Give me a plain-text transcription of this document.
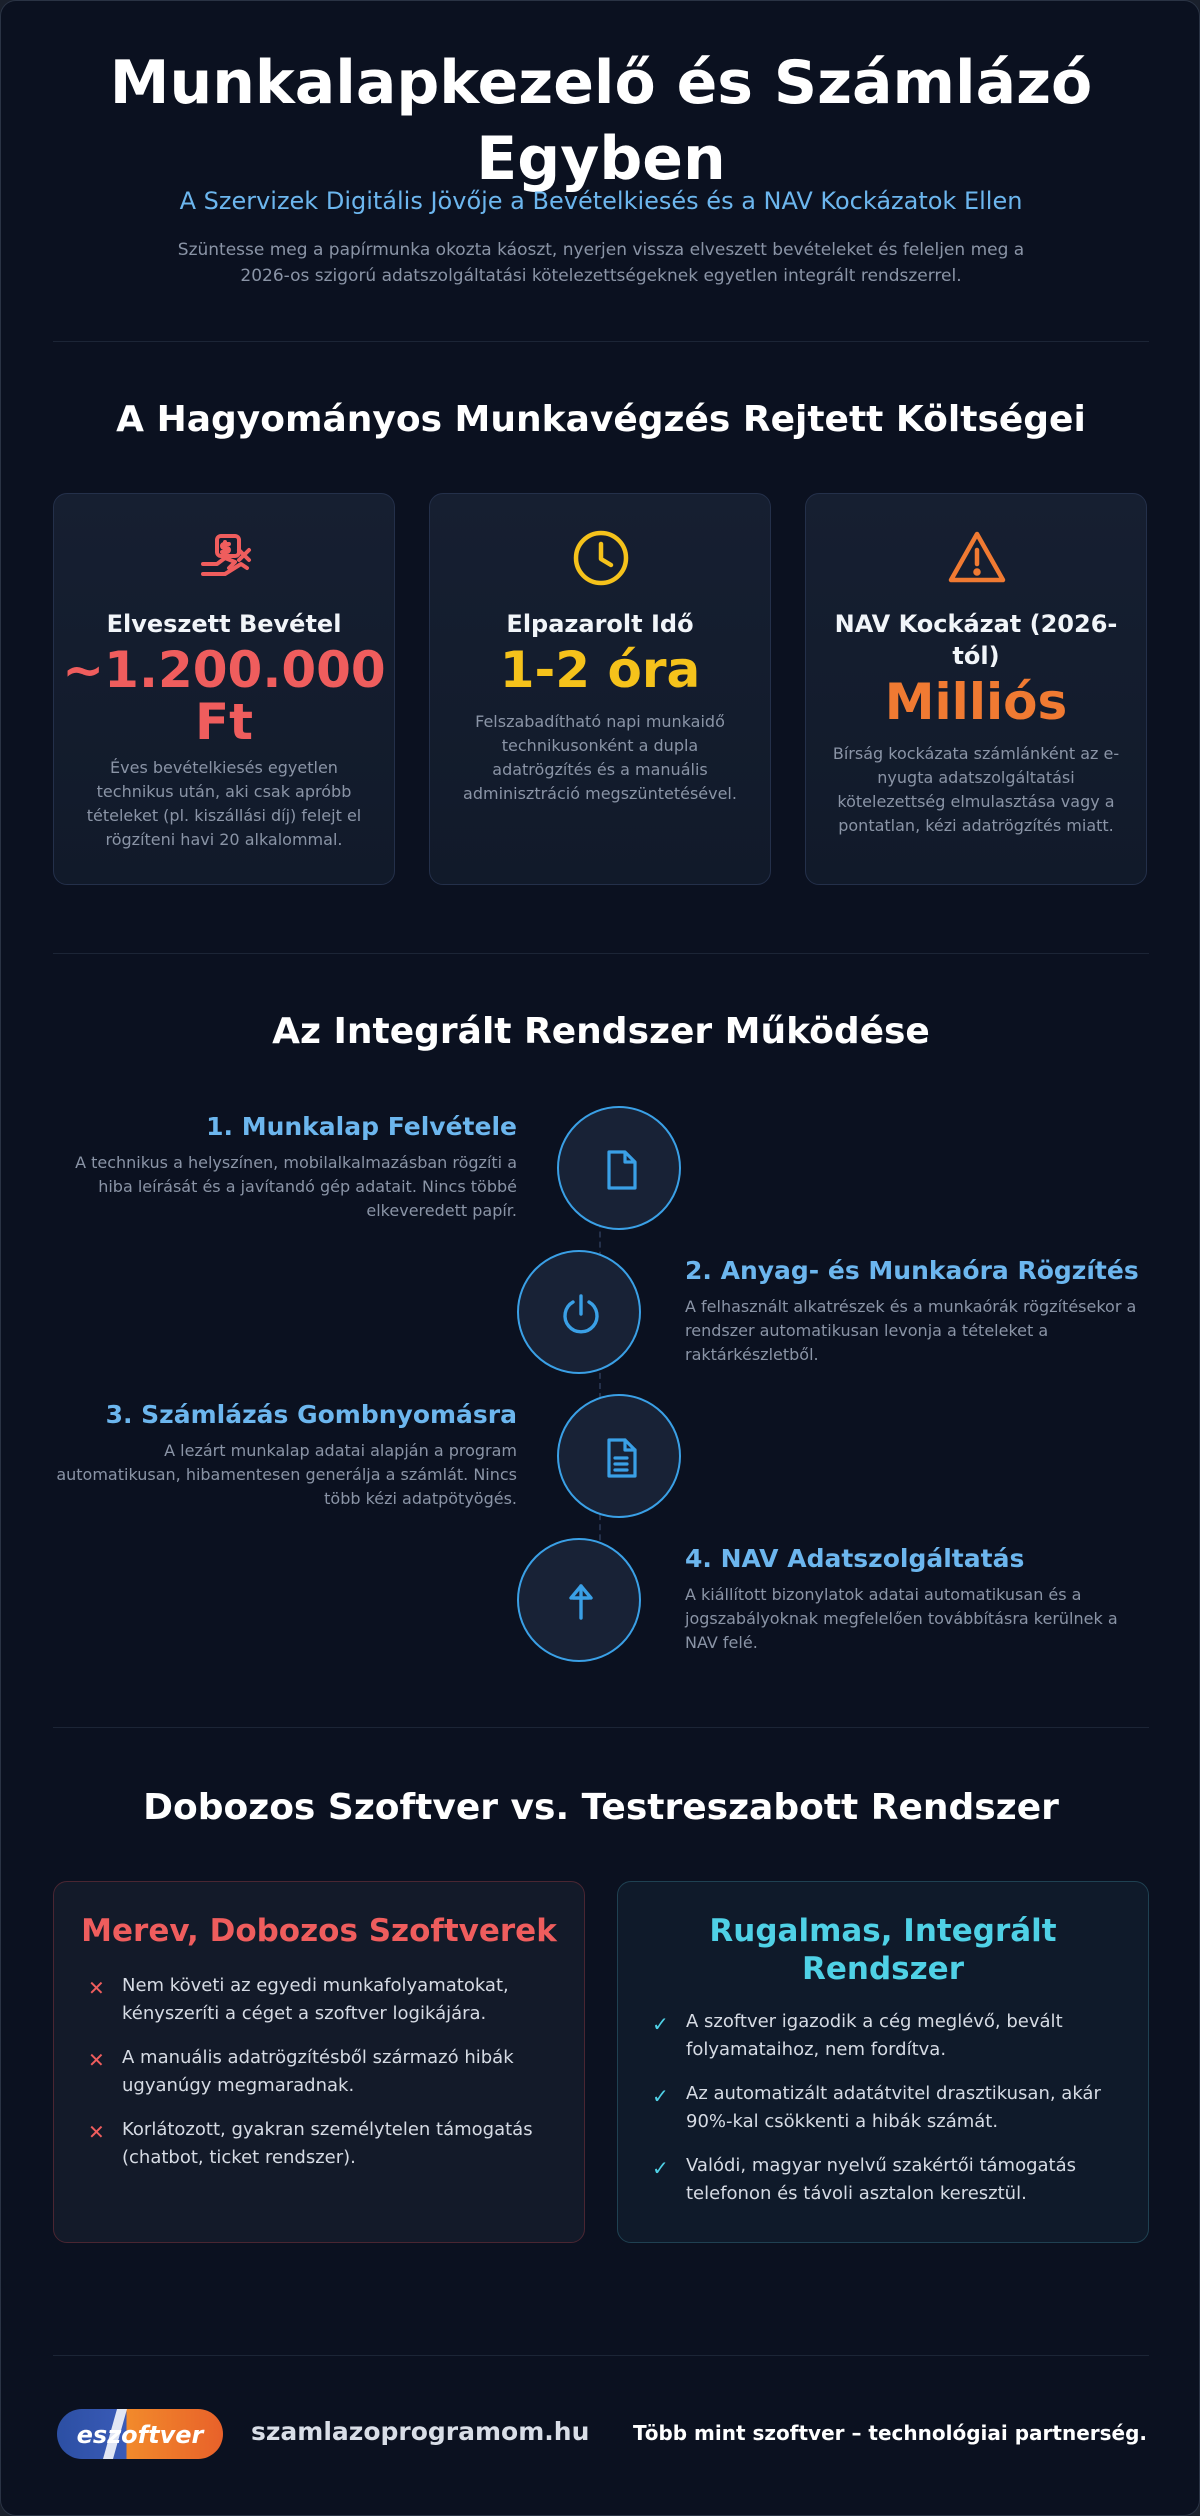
Munkalapkezelő és Számlázó Egyben
A Szervizek Digitális Jövője a Bevételkiesés és a NAV Kockázatok Ellen
Szüntesse meg a papírmunka okozta káoszt, nyerjen vissza elveszett bevételeket és feleljen meg a 2026-os szigorú adatszolgáltatási kötelezettségeknek egyetlen integrált rendszerrel.
A Hagyományos Munkavégzés Rejtett Költségei
Elveszett Bevétel
~1.200.000 Ft
Éves bevételkiesés egyetlen technikus után, aki csak apróbb tételeket (pl. kiszállási díj) felejt el rögzíteni havi 20 alkalommal.
Elpazarolt Idő
1-2 óra
Felszabadítható napi munkaidő technikusonként a dupla adatrögzítés és a manuális adminisztráció megszüntetésével.
NAV Kockázat (2026-tól)
Milliós
Bírság kockázata számlánként az e-nyugta adatszolgáltatási kötelezettség elmulasztása vagy a pontatlan, kézi adatrögzítés miatt.
Az Integrált Rendszer Működése
1. Munkalap Felvétele
A technikus a helyszínen, mobilalkalmazásban rögzíti a hiba leírását és a javítandó gép adatait. Nincs többé elkeveredett papír.
2. Anyag- és Munkaóra Rögzítés
A felhasznált alkatrészek és a munkaórák rögzítésekor a rendszer automatikusan levonja a tételeket a raktárkészletből.
3. Számlázás Gombnyomásra
A lezárt munkalap adatai alapján a program automatikusan, hibamentesen generálja a számlát. Nincs több kézi adatpötyögés.
4. NAV Adatszolgáltatás
A kiállított bizonylatok adatai automatikusan és a jogszabályoknak megfelelően továbbításra kerülnek a NAV felé.
Dobozos Szoftver vs. Testreszabott Rendszer
Merev, Dobozos Szoftverek
✕ Nem követi az egyedi munkafolyamatokat, kényszeríti a céget a szoftver logikájára.
✕ A manuális adatrögzítésből származó hibák ugyanúgy megmaradnak.
✕ Korlátozott, gyakran személytelen támogatás (chatbot, ticket rendszer).
Rugalmas, Integrált Rendszer
✓ A szoftver igazodik a cég meglévő, bevált folyamataihoz, nem fordítva.
✓ Az automatizált adatátvitel drasztikusan, akár 90%-kal csökkenti a hibák számát.
✓ Valódi, magyar nyelvű szakértői támogatás telefonon és távoli asztalon keresztül.
eszoftver szamlazoprogramom.hu Több mint szoftver – technológiai partnerség.
